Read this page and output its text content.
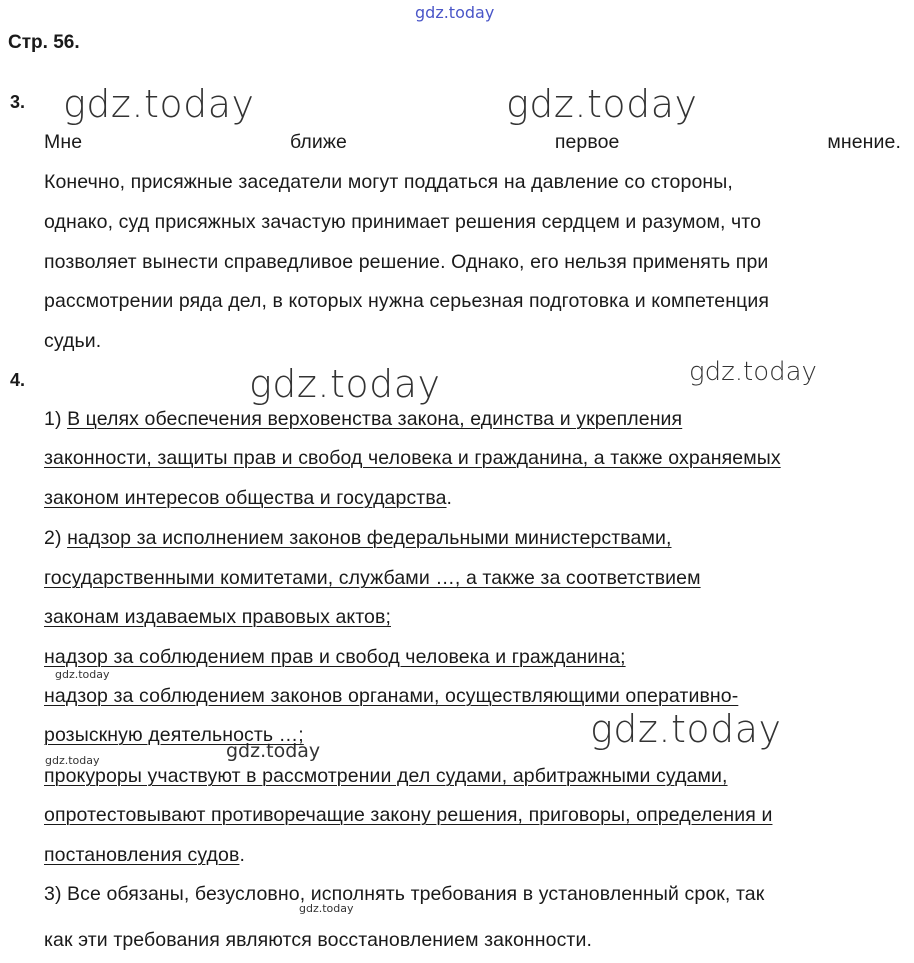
gdz.today
gdz.today	gdz.today
gdz.today	gdz.today
gdz.today
gdz.today
gdz.today
gdz.today
gdz.today
Стр. 56.
3.
Мне	ближе	первое	мнение.
Конечно, присяжные заседатели могут поддаться на давление со стороны,
однако, суд присяжных зачастую принимает решения сердцем и разумом, что
позволяет вынести справедливое решение. Однако, его нельзя применять при
рассмотрении ряда дел, в которых нужна серьезная подготовка и компетенция
судьи.
4.
1) В целях обеспечения верховенства закона, единства и укрепления
законности, защиты прав и свобод человека и гражданина, а также охраняемых
законом интересов общества и государства.
2) надзор за исполнением законов федеральными министерствами,
государственными комитетами, службами …, а также за соответствием
законам издаваемых правовых актов;
надзор за соблюдением прав и свобод человека и гражданина;
надзор за соблюдением законов органами, осуществляющими оперативно-
розыскную деятельность …;
прокуроры участвуют в рассмотрении дел судами, арбитражными судами,
опротестовывают противоречащие закону решения, приговоры, определения и
постановления судов.
3) Все обязаны, безусловно, исполнять требования в установленный срок, так
как эти требования являются восстановлением законности.
